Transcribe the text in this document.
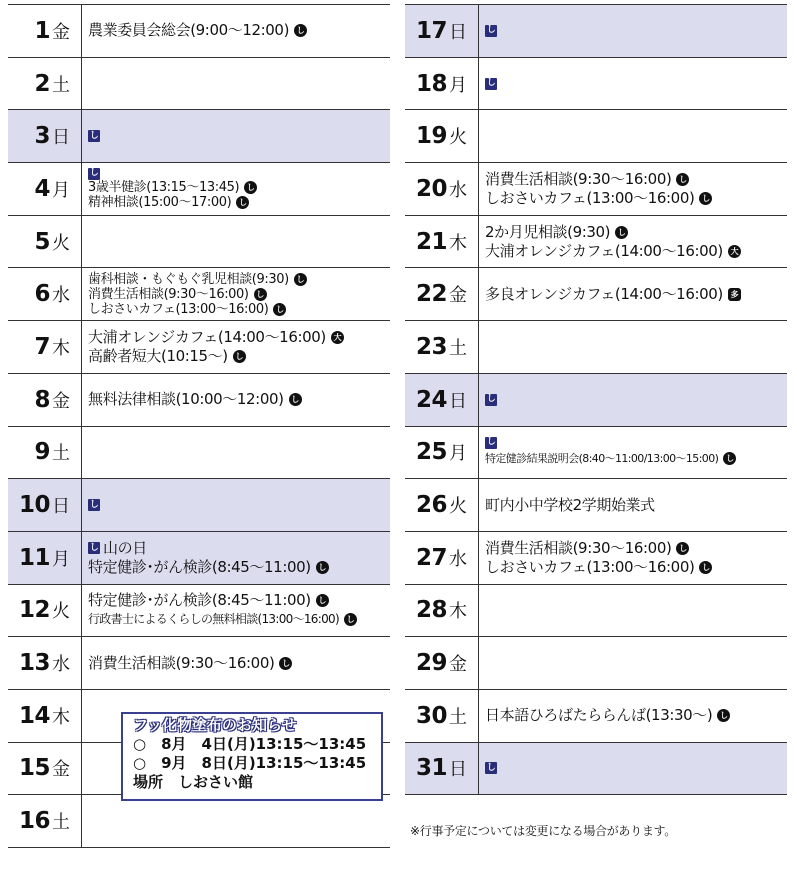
1 金 農業委員会総会(9:00～12:00) し
2 土
3 日 し
4 月
し
3歳半健診(13:15～13:45) し
精神相談(15:00～17:00) し
5 火
6 水
歯科相談・もぐもぐ乳児相談(9:30) し
消費生活相談(9:30～16:00) し
しおさいカフェ(13:00～16:00) し
7 木
大浦オレンジカフェ(14:00～16:00) 大
高齢者短大(10:15～) し
8 金 無料法律相談(10:00～12:00) し
9 土
10 日 し
11 月
し 山の日
特定健診･がん検診(8:45～11:00) し
12 火
特定健診･がん検診(8:45～11:00) し
行政書士によるくらしの無料相談(13:00～16:00) し
13 水 消費生活相談(9:30～16:00) し
14 木
15 金
16 土
17 日 し
18 月 し
19 火
20 水
消費生活相談(9:30～16:00) し
しおさいカフェ(13:00～16:00) し
21 木
2か月児相談(9:30) し
大浦オレンジカフェ(14:00～16:00) 大
22 金 多良オレンジカフェ(14:00～16:00) 多
23 土
24 日 し
25 月
し
特定健診結果説明会(8:40～11:00/13:00～15:00) し
26 火 町内小中学校2学期始業式
27 水
消費生活相談(9:30～16:00) し
しおさいカフェ(13:00～16:00) し
28 木
29 金
30 土 日本語ひろばたららんば(13:30～) し
31 日 し
フッ化物塗布のお知らせ
○　8月　4日(月)13:15～13:45
○　9月　8日(月)13:15～13:45
場所　しおさい館
※行事予定については変更になる場合があります。
